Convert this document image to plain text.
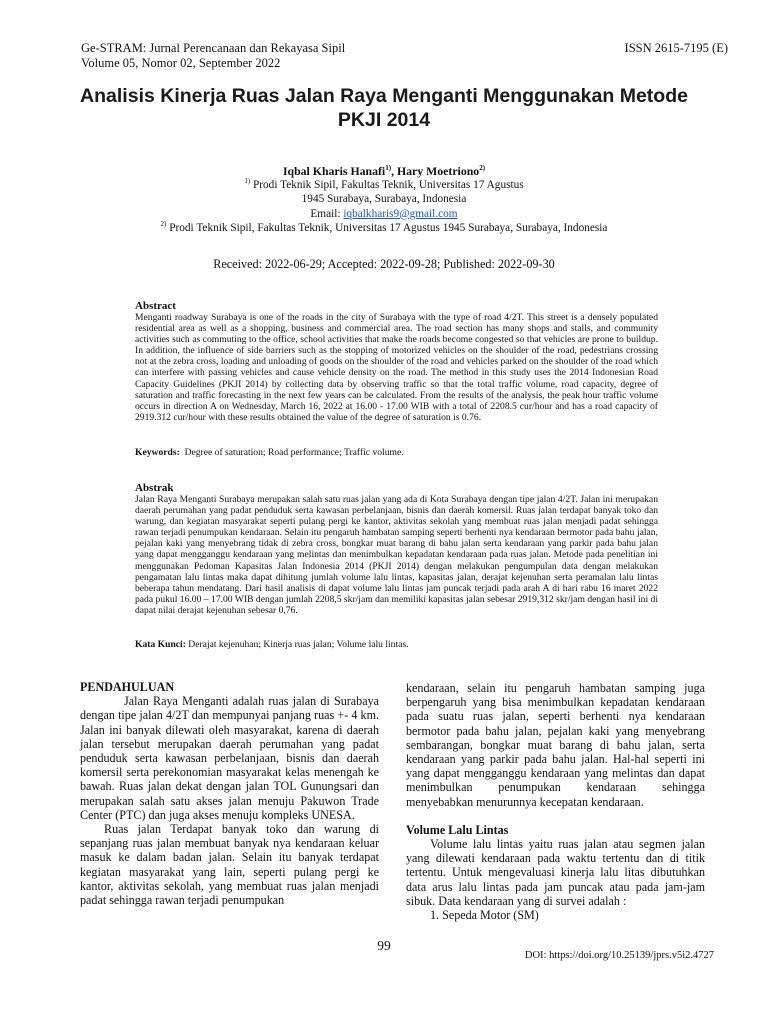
Ge-STRAM: Jurnal Perencanaan dan Rekayasa Sipil
Volume 05, Nomor 02, September 2022
ISSN 2615-7195 (E)
Analisis Kinerja Ruas Jalan Raya Menganti Menggunakan Metode PKJI 2014
Iqbal Kharis Hanafi$^{1)}$, Hary Moetriono$^{2)}$
$^{1)}$ Prodi Teknik Sipil, Fakultas Teknik, Universitas 17 Agustus
1945 Surabaya, Surabaya, Indonesia
Email: iqbalkharis9@gmail.com
$^{2)}$ Prodi Teknik Sipil, Fakultas Teknik, Universitas 17 Agustus 1945 Surabaya, Surabaya, Indonesia
Received: 2022-06-29; Accepted: 2022-09-28; Published: 2022-09-30
Abstract

Menganti roadway Surabaya is one of the roads in the city of Surabaya with the type of road 4/2T. This street is a densely populated residential area as well as a shopping, business and commercial area. The road section has many shops and stalls, and community activities such as commuting to the office, school activities that make the roads become congested so that vehicles are prone to buildup. In addition, the influence of side barriers such as the stopping of motorized vehicles on the shoulder of the road, pedestrians crossing not at the zebra cross, loading and unloading of goods on the shoulder of the road and vehicles parked on the shoulder of the road which can interfere with passing vehicles and cause vehicle density on the road. The method in this study uses the 2014 Indonesian Road Capacity Guidelines (PKJI 2014) by collecting data by observing traffic so that the total traffic volume, road capacity, degree of saturation and traffic forecasting in the next few years can be calculated. From the results of the analysis, the peak hour traffic volume occurs in direction A on Wednesday, March 16, 2022 at 16.00 - 17.00 WIB with a total of 2208.5 cur/hour and has a road capacity of 2919.312 cur/hour with these results obtained the value of the degree of saturation is 0.76.

Keywords:  Degree of saturation; Road performance; Traffic volume.
Abstrak

Jalan Raya Menganti Surabaya merupakan salah satu ruas jalan yang ada di Kota Surabaya dengan tipe jalan 4/2T. Jalan ini merupakan daerah perumahan yang padat penduduk serta kawasan perbelanjaan, bisnis dan daerah komersil. Ruas jalan terdapat banyak toko dan warung, dan kegiatan masyarakat seperti pulang pergi ke kantor, aktivitas sekolah yang membuat ruas jalan menjadi padat sehingga rawan terjadi penumpukan kendaraan. Selain itu pengaruh hambatan samping seperti berhenti nya kendaraan bermotor pada bahu jalan, pejalan kaki yang menyebrang tidak di zebra cross, bongkar muat barang di bahu jalan serta kendaraan yang parkir pada bahu jalan yang dapat mengganggu kendaraan yang melintas dan menimbulkan kepadatan kendaraan pada ruas jalan. Metode pada penelitian ini menggunakan Pedoman Kapasitas Jalan Indonesia 2014 (PKJI 2014) dengan melakukan pengumpulan data dengan melakukan pengamatan lalu lintas maka dapat dihitung jumlah volume lalu lintas, kapasitas jalan, derajat kejenuhan serta peramalan lalu lintas beberapa tahun mendatang. Dari hasil analisis di dapat volume lalu lintas jam puncak terjadi pada arah A di hari rabu 16 maret 2022 pada pukul 16.00 – 17.00 WIB dengan jumlah 2208,5 skr/jam dan memiliki kapasitas jalan sebesar 2919,312 skr/jam dengan hasil ini di dapat nilai derajat kejenuhan sebesar 0,76.

Kata Kunci: Derajat kejenuhan; Kinerja ruas jalan; Volume lalu lintas.
PENDAHULUAN

Jalan Raya Menganti adalah ruas jalan di Surabaya dengan tipe jalan 4/2T dan mempunyai panjang ruas +- 4 km. Jalan ini banyak dilewati oleh masyarakat, karena di daerah jalan tersebut merupakan daerah perumahan yang padat penduduk serta kawasan perbelanjaan, bisnis dan daerah komersil serta perekonomian masyarakat kelas menengah ke bawah. Ruas jalan dekat dengan jalan TOL Gunungsari dan merupakan salah satu akses jalan menuju Pakuwon Trade Center (PTC) dan juga akses menuju kompleks UNESA.

Ruas jalan Terdapat banyak toko dan warung di sepanjang ruas jalan membuat banyak nya kendaraan keluar masuk ke dalam badan jalan. Selain itu banyak terdapat kegiatan masyarakat yang lain, seperti pulang pergi ke kantor, aktivitas sekolah, yang membuat ruas jalan menjadi padat sehingga rawan terjadi penumpukan

kendaraan, selain itu pengaruh hambatan samping juga berpengaruh yang bisa menimbulkan kepadatan kendaraan pada suatu ruas jalan, seperti berhenti nya kendaraan bermotor pada bahu jalan, pejalan kaki yang menyebrang sembarangan, bongkar muat barang di bahu jalan, serta kendaraan yang parkir pada bahu jalan. Hal-hal seperti ini yang dapat mengganggu kendaraan yang melintas dan dapat menimbulkan penumpukan kendaraan sehingga menyebabkan menurunnya kecepatan kendaraan.

Volume Lalu Lintas

Volume lalu lintas yaitu ruas jalan atau segmen jalan yang dilewati kendaraan pada waktu tertentu dan di titik tertentu. Untuk mengevaluasi kinerja lalu litas dibutuhkan data arus lalu lintas pada jam puncak atau pada jam-jam sibuk. Data kendaraan yang di survei adalah :

1. Sepeda Motor (SM)

99
DOI: https://doi.org/10.25139/jprs.v5i2.4727
